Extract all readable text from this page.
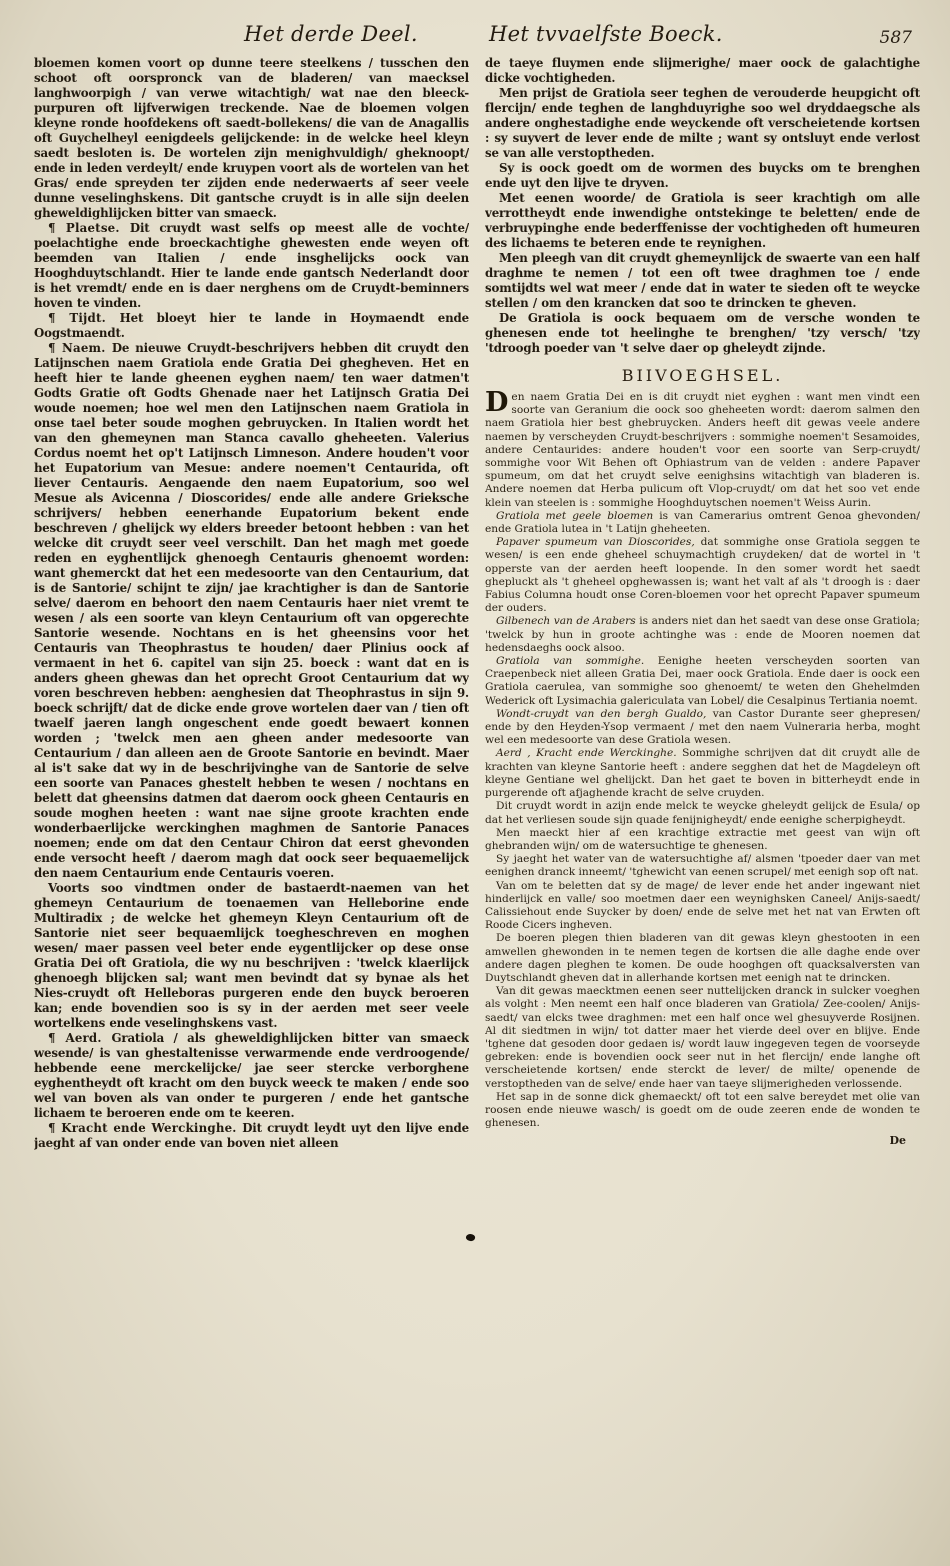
Het derde Deel.	Het tvvaelfste Boeck.	587

bloemen komen voort op dunne teere steelkens / tusschen den schoot oft oorspronck van de bladeren/ van maecksel langhwoorpigh / van verwe witachtigh/ wat nae den bleeck-purpuren oft lijfverwigen treckende. Nae de bloemen volgen kleyne ronde hoofdekens oft saedt-bollekens/ die van de Anagallis oft Guychelheyl eenigdeels gelijckende: in de welcke heel kleyn saedt besloten is. De wortelen zijn menighvuldigh/ gheknoopt/ ende in leden verdeylt/ ende kruypen voort als de wortelen van het Gras/ ende spreyden ter zijden ende nederwaerts af seer veele dunne veselinghskens. Dit gantsche cruydt is in alle sijn deelen gheweldighlijcken bitter van smaeck.

¶ Plaetse. Dit cruydt wast selfs op meest alle de vochte/ poelachtighe ende broeckachtighe ghewesten ende weyen oft beemden van Italien / ende insghelijcks oock van Hooghduytschlandt. Hier te lande ende gantsch Nederlandt door is het vremdt/ ende en is daer nerghens om de Cruydt-beminners hoven te vinden.

¶ Tijdt. Het bloeyt hier te lande in Hoymaendt ende Oogstmaendt.

¶ Naem. De nieuwe Cruydt-beschrijvers hebben dit cruydt den Latijnschen naem Gratiola ende Gratia Dei ghegheven. Het en heeft hier te lande gheenen eyghen naem/ ten waer datmen't Godts Gratie oft Godts Ghenade naer het Latijnsch Gratia Dei woude noemen; hoe wel men den Latijnschen naem Gratiola in onse tael beter soude moghen gebruycken. In Italien wordt het van den ghemeynen man Stanca cavallo gheheeten. Valerius Cordus noemt het op't Latijnsch Limneson. Andere houden't voor het Eupatorium van Mesue: andere noemen't Centaurida, oft liever Centauris. Aengaende den naem Eupatorium, soo wel Mesue als Avicenna / Dioscorides/ ende alle andere Grieksche schrijvers/ hebben eenerhande Eupatorium bekent ende beschreven / ghelijck wy elders breeder betoont hebben : van het welcke dit cruydt seer veel verschilt. Dan het magh met goede reden en eyghentlijck ghenoegh Centauris ghenoemt worden: want ghemerckt dat het een medesoorte van den Centaurium, dat is de Santorie/ schijnt te zijn/ jae krachtigher is dan de Santorie selve/ daerom en behoort den naem Centauris haer niet vremt te wesen / als een soorte van kleyn Centaurium oft van opgerechte Santorie wesende. Nochtans en is het gheensins voor het Centauris van Theophrastus te houden/ daer Plinius oock af vermaent in het 6. capitel van sijn 25. boeck : want dat en is anders gheen ghewas dan het oprecht Groot Centaurium dat wy voren beschreven hebben: aenghesien dat Theophrastus in sijn 9. boeck schrijft/ dat de dicke ende grove wortelen daer van / tien oft twaelf jaeren langh ongeschent ende goedt bewaert konnen worden ; 'twelck men aen gheen ander medesoorte van Centaurium / dan alleen aen de Groote Santorie en bevindt. Maer al is't sake dat wy in de beschrijvinghe van de Santorie de selve een soorte van Panaces ghestelt hebben te wesen / nochtans en belett dat gheensins datmen dat daerom oock gheen Centauris en soude moghen heeten : want nae sijne groote krachten ende wonderbaerlijcke werckinghen maghmen de Santorie Panaces noemen; ende om dat den Centaur Chiron dat eerst ghevonden ende versocht heeft / daerom magh dat oock seer bequaemelijck den naem Centaurium ende Centauris voeren.

Voorts soo vindtmen onder de bastaerdt-naemen van het ghemeyn Centaurium de toenaemen van Helleborine ende Multiradix ; de welcke het ghemeyn Kleyn Centaurium oft de Santorie niet seer bequaemlijck toegheschreven en moghen wesen/ maer passen veel beter ende eygentlijcker op dese onse Gratia Dei oft Gratiola, die wy nu beschrijven : 'twelck klaerlijck ghenoegh blijcken sal; want men bevindt dat sy bynae als het Nies-cruydt oft Helleboras purgeren ende den buyck beroeren kan; ende bovendien soo is sy in der aerden met seer veele wortelkens ende veselinghskens vast.

¶ Aerd. Gratiola / als gheweldighlijcken bitter van smaeck wesende/ is van ghestaltenisse verwarmende ende verdroogende/ hebbende eene merckelijcke/ jae seer stercke verborghene eyghentheydt oft kracht om den buyck weeck te maken / ende soo wel van boven als van onder te purgeren / ende het gantsche lichaem te beroeren ende om te keeren.

¶ Kracht ende Werckinghe. Dit cruydt leydt uyt den lijve ende jaeght af van onder ende van boven niet alleen

de taeye fluymen ende slijmerighe/ maer oock de galachtighe dicke vochtigheden.

Men prijst de Gratiola seer teghen de verouderde heupgicht oft flercijn/ ende teghen de langhduyrighe soo wel dryddaegsche als andere onghestadighe ende weyckende oft verscheietende kortsen : sy suyvert de lever ende de milte ; want sy ontsluyt ende verlost se van alle verstoptheden.

Sy is oock goedt om de wormen des buycks om te brenghen ende uyt den lijve te dryven.

Met eenen woorde/ de Gratiola is seer krachtigh om alle verrottheydt ende inwendighe ontstekinge te beletten/ ende de verbruypinghe ende bederffenisse der vochtigheden oft humeuren des lichaems te beteren ende te reynighen.

Men pleegh van dit cruydt ghemeynlijck de swaerte van een half draghme te nemen / tot een oft twee draghmen toe / ende somtijdts wel wat meer / ende dat in water te sieden oft te weycke stellen / om den krancken dat soo te drincken te gheven.

De Gratiola is oock bequaem om de versche wonden te ghenesen ende tot heelinghe te brenghen/ 'tzy versch/ 'tzy 'tdroogh poeder van 't selve daer op gheleydt zijnde.

BIIVOEGHSEL.

Den naem Gratia Dei en is dit cruydt niet eyghen : want men vindt een soorte van Geranium die oock soo gheheeten wordt: daerom salmen den naem Gratiola hier best ghebruycken. Anders heeft dit gewas veele andere naemen by verscheyden Cruydt-beschrijvers : sommighe noemen't Sesamoides, andere Centaurides: andere houden't voor een soorte van Serp-cruydt/ sommighe voor Wit Behen oft Ophiastrum van de velden : andere Papaver spumeum, om dat het cruydt selve eenighsins witachtigh van bladeren is. Andere noemen dat Herba pulicum oft Vlop-cruydt/ om dat het soo vet ende klein van steelen is : sommighe Hooghduytschen noemen't Weiss Aurin.

Gratiola met geele bloemen is van Camerarius omtrent Genoa ghevonden/ ende Gratiola lutea in 't Latijn gheheeten.

Papaver spumeum van Dioscorides, dat sommighe onse Gratiola seggen te wesen/ is een ende gheheel schuymachtigh cruydeken/ dat de wortel in 't opperste van der aerden heeft loopende. In den somer wordt het saedt ghepluckt als 't gheheel opghewassen is; want het valt af als 't droogh is : daer Fabius Columna houdt onse Coren-bloemen voor het oprecht Papaver spumeum der ouders.

Gilbenech van de Arabers is anders niet dan het saedt van dese onse Gratiola; 'twelck by hun in groote achtinghe was : ende de Mooren noemen dat hedensdaeghs oock alsoo.

Gratiola van sommighe. Eenighe heeten verscheyden soorten van Craepenbeck niet alleen Gratia Dei, maer oock Gratiola. Ende daer is oock een Gratiola caerulea, van sommighe soo ghenoemt/ te weten den Ghehelmden Wederick oft Lysimachia galericulata van Lobel/ die Cesalpinus Tertiania noemt.

Wondt-cruydt van den bergh Gualdo, van Castor Durante seer ghepresen/ ende by den Heyden-Ysop vermaent / met den naem Vulneraria herba, moght wel een medesoorte van dese Gratiola wesen.

Aerd , Kracht ende Werckinghe. Sommighe schrijven dat dit cruydt alle de krachten van kleyne Santorie heeft : andere segghen dat het de Magdeleyn oft kleyne Gentiane wel ghelijckt. Dan het gaet te boven in bitterheydt ende in purgerende oft afjaghende kracht de selve cruyden.

Dit cruydt wordt in azijn ende melck te weycke gheleydt gelijck de Esula/ op dat het verliesen soude sijn quade fenijnigheydt/ ende eenighe scherpigheydt.

Men maeckt hier af een krachtige extractie met geest van wijn oft ghebranden wijn/ om de watersuchtige te ghenesen.

Sy jaeght het water van de watersuchtighe af/ alsmen 'tpoeder daer van met eenighen dranck inneemt/ 'tghewicht van eenen scrupel/ met eenigh sop oft nat.

Van om te beletten dat sy de mage/ de lever ende het ander ingewant niet hinderlijck en valle/ soo moetmen daer een weynighsken Caneel/ Anijs-saedt/ Calissiehout ende Suycker by doen/ ende de selve met het nat van Erwten oft Roode Cicers ingheven.

De boeren plegen thien bladeren van dit gewas kleyn ghestooten in een amwellen ghewonden in te nemen tegen de kortsen die alle daghe ende over andere dagen pleghen te komen. De oude hooghgen oft quacksalversten van Duytschlandt gheven dat in allerhande kortsen met eenigh nat te drincken.

Van dit gewas maecktmen eenen seer nuttelijcken dranck in sulcker voeghen als volght : Men neemt een half once bladeren van Gratiola/ Zee-coolen/ Anijs-saedt/ van elcks twee draghmen: met een half once wel ghesuyverde Rosijnen. Al dit siedtmen in wijn/ tot datter maer het vierde deel over en blijve. Ende 'tghene dat gesoden door gedaen is/ wordt lauw ingegeven tegen de voorseyde gebreken: ende is bovendien oock seer nut in het flercijn/ ende langhe oft verscheietende kortsen/ ende sterckt de lever/ de milte/ openende de verstoptheden van de selve/ ende haer van taeye slijmerigheden verlossende.

Het sap in de sonne dick ghemaeckt/ oft tot een salve bereydet met olie van roosen ende nieuwe wasch/ is goedt om de oude zeeren ende de wonden te ghenesen.

De
